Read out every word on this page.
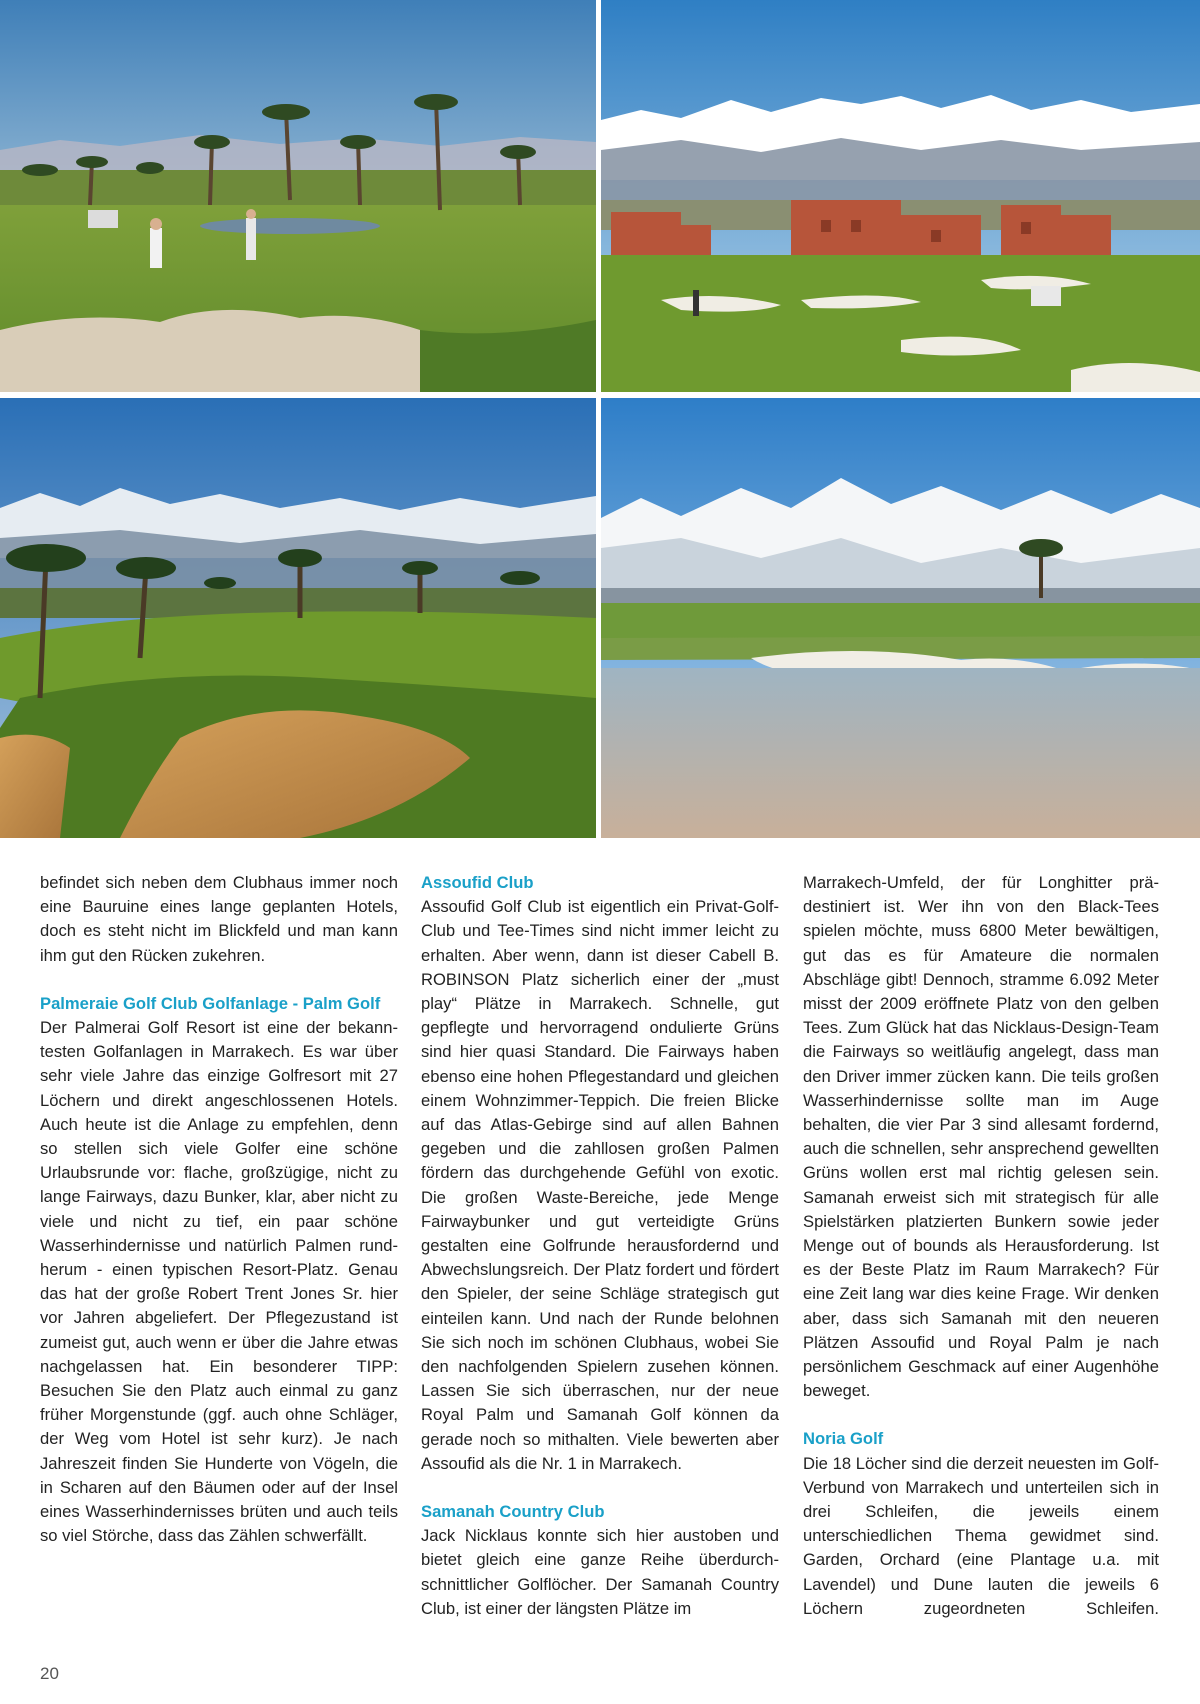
befindet sich neben dem Clubhaus immer noch eine Bauruine eines lange geplanten Hotels, doch es steht nicht im Blickfeld und man kann ihm gut den Rücken zukehren.

Palmeraie Golf Club Golfanlage - Palm Golf

Der Palmerai Golf Resort ist eine der bekanntesten Golfanlagen in Marrakech. Es war über sehr viele Jahre das einzige Golfresort mit 27 Löchern und direkt angeschlossenen Hotels. Auch heute ist die Anlage zu empfehlen, denn so stellen sich viele Golfer eine schöne Urlaubsrunde vor: flache, großzügige, nicht zu lange Fairways, dazu Bunker, klar, aber nicht zu viele und nicht zu tief, ein paar schöne Wasserhindernisse und natürlich Palmen rundherum - einen typischen Resort-Platz. Genau das hat der große Robert Trent Jones Sr. hier vor Jahren abgeliefert. Der Pflegezustand ist zumeist gut, auch wenn er über die Jahre etwas nachgelassen hat. Ein besonderer TIPP: Besuchen Sie den Platz auch einmal zu ganz früher Morgenstunde (ggf. auch ohne Schläger, der Weg vom Hotel ist sehr kurz). Je nach Jahreszeit finden Sie Hunderte von Vögeln, die in Scharen auf den Bäumen oder auf der Insel eines Wasserhindernisses brüten und auch teils so viel Störche, dass das Zählen schwerfällt.

Assoufid Club

Assoufid Golf Club ist eigentlich ein Privat-Golf-Club und Tee-Times sind nicht immer leicht zu erhalten. Aber wenn, dann ist dieser Cabell B. ROBINSON Platz sicherlich einer der „must play“ Plätze in Marrakech. Schnelle, gut gepflegte und hervorragend ondulierte Grüns sind hier quasi Standard. Die Fairways haben ebenso eine hohen Pflegestandard und gleichen einem Wohnzimmer-Teppich. Die freien Blicke auf das Atlas-Gebirge sind auf allen Bahnen gegeben und die zahllosen großen Palmen fördern das durchgehende Gefühl von exotic. Die großen Waste-Bereiche, jede Menge Fairwaybunker und gut verteidigte Grüns gestalten eine Golfrunde herausfordernd und Abwechslungsreich. Der Platz fordert und fördert den Spieler, der seine Schläge strategisch gut einteilen kann. Und nach der Runde belohnen Sie sich noch im schönen Clubhaus, wobei Sie den nachfolgenden Spielern zusehen können. Lassen Sie sich überraschen, nur der neue Royal Palm und Samanah Golf können da gerade noch so mithalten. Viele bewerten aber Assoufid als die Nr. 1 in Marrakech.

Samanah Country Club

Jack Nicklaus konnte sich hier austoben und bietet gleich eine ganze Reihe überdurchschnittlicher Golflöcher. Der Samanah Country Club, ist einer der längsten Plätze im

Marrakech-Umfeld, der für Longhitter prädestiniert ist. Wer ihn von den Black-Tees spielen möchte, muss 6800 Meter bewältigen, gut das es für Amateure die normalen Abschläge gibt! Dennoch, stramme 6.092 Meter misst der 2009 eröffnete Platz von den gelben Tees. Zum Glück hat das Nicklaus-Design-Team die Fairways so weitläufig angelegt, dass man den Driver immer zücken kann. Die teils großen Wasserhindernisse sollte man im Auge behalten, die vier Par 3 sind allesamt fordernd, auch die schnellen, sehr ansprechend gewellten Grüns wollen erst mal richtig gelesen sein. Samanah erweist sich mit strategisch für alle Spielstärken platzierten Bunkern sowie jeder Menge out of bounds als Herausforderung. Ist es der Beste Platz im Raum Marrakech? Für eine Zeit lang war dies keine Frage. Wir denken aber, dass sich Samanah mit den neueren Plätzen Assoufid und Royal Palm je nach persönlichem Geschmack auf einer Augenhöhe beweget.

Noria Golf

Die 18 Löcher sind die derzeit neuesten im Golf-Verbund von Marrakech und unterteilen sich in drei Schleifen, die jeweils einem unterschiedlichen Thema gewidmet sind. Garden, Orchard (eine Plantage u.a. mit Lavendel) und Dune lauten die jeweils 6 Löchern zugeordneten Schleifen.

20
